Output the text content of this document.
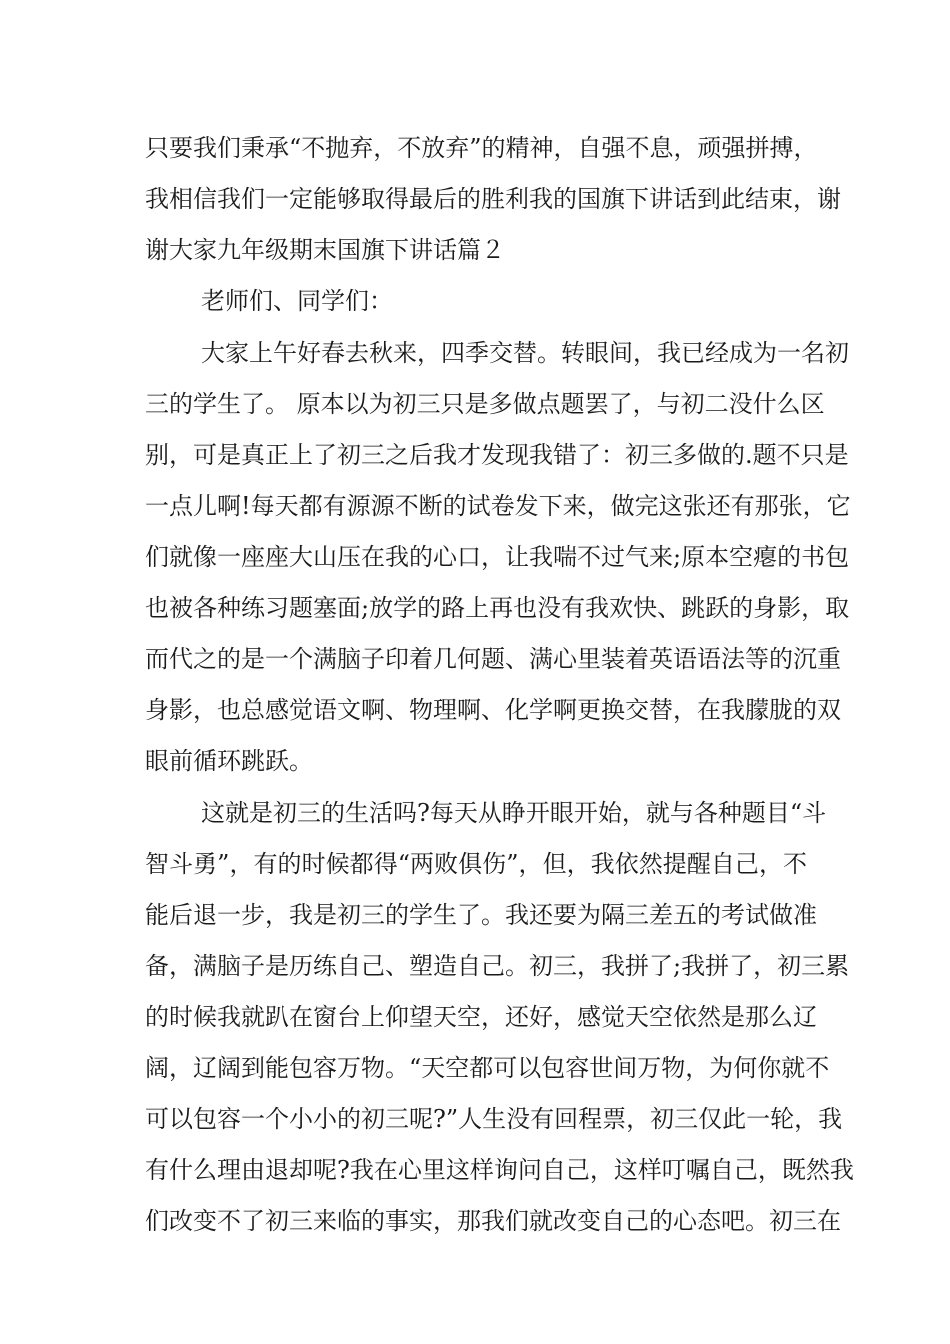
只要我们秉承“不抛弃，不放弃”的精神，自强不息，顽强拼搏，
我相信我们一定能够取得最后的胜利我的国旗下讲话到此结束，谢
谢大家九年级期末国旗下讲话篇２
老师们、同学们：
大家上午好春去秋来，四季交替。转眼间，我已经成为一名初
三的学生了。 原本以为初三只是多做点题罢了，与初二没什么区
别，可是真正上了初三之后我才发现我错了：初三多做的.题不只是
一点儿啊!每天都有源源不断的试卷发下来，做完这张还有那张，它
们就像一座座大山压在我的心口，让我喘不过气来;原本空瘪的书包
也被各种练习题塞面;放学的路上再也没有我欢快、跳跃的身影，取
而代之的是一个满脑子印着几何题、满心里装着英语语法等的沉重
身影，也总感觉语文啊、物理啊、化学啊更换交替，在我朦胧的双
眼前循环跳跃。
这就是初三的生活吗?每天从睁开眼开始，就与各种题目“斗
智斗勇”，有的时候都得“两败俱伤”，但，我依然提醒自己，不
能后退一步，我是初三的学生了。我还要为隔三差五的考试做准
备，满脑子是历练自己、塑造自己。初三，我拼了;我拼了，初三累
的时候我就趴在窗台上仰望天空，还好，感觉天空依然是那么辽
阔，辽阔到能包容万物。“天空都可以包容世间万物，为何你就不
可以包容一个小小的初三呢?”人生没有回程票，初三仅此一轮，我
有什么理由退却呢?我在心里这样询问自己，这样叮嘱自己，既然我
们改变不了初三来临的事实，那我们就改变自己的心态吧。初三在
